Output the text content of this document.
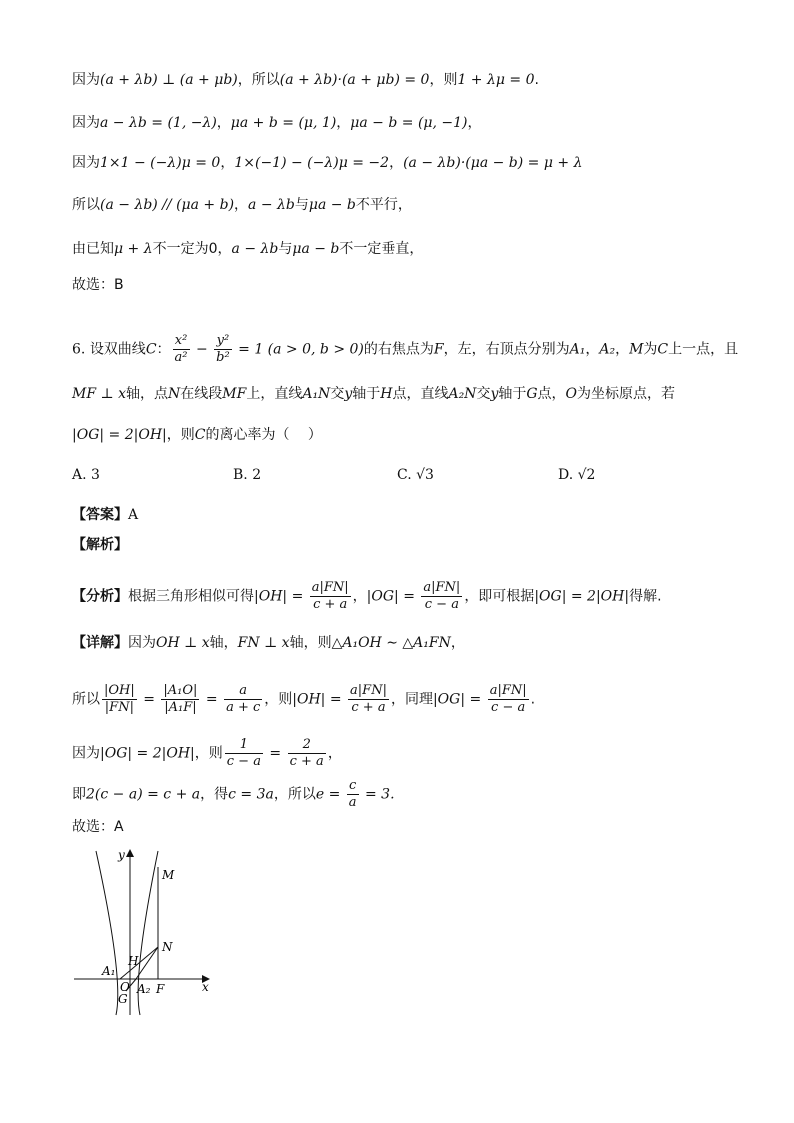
因为(a + λb) ⊥ (a + μb)，所以(a + λb)·(a + μb) = 0，则1 + λμ = 0.
因为a − λb = (1, −λ)，μa + b = (μ, 1)，μa − b = (μ, −1)，
因为1×1 − (−λ)μ = 0，1×(−1) − (−λ)μ = −2，(a − λb)·(μa − b) = μ + λ
所以(a − λb) // (μa + b)，a − λb与μa − b不平行，
由已知μ + λ不一定为0，a − λb与μa − b不一定垂直，
故选：B
6. 设双曲线C： $\frac{\text{x²}}{\text{a²}} - \frac{\text{y²}}{\text{b²}} = 1$ (a > 0, b > 0)的右焦点为F，左，右顶点分别为A₁，A₂，M为C上一点，且
MF ⊥ x轴，点N在线段MF上，直线A₁N交y轴于H点，直线A₂N交y轴于G点，O为坐标原点，若
|OG| = 2|OH|，则C的离心率为（　 ）
A. 3	B. 2	C. √3	D. √2
【答案】A
【解析】
【分析】根据三角形相似可得$|OH| = \frac{a|FN|}{c + a}$ ，$|OG| = \frac{a|FN|}{c - a}$ ，即可根据|OG| = 2|OH|得解.
【详解】因为OH ⊥ x轴，FN ⊥ x轴，则△A₁OH ∼ △A₁FN，
所以 $\frac{|OH|}{|FN|} = \frac{\text{|A₁O|}}{\text{|A₁F|}} = \frac{a}{a + c}$ ，则$|OH| = \frac{a|FN|}{c + a}$ ，同理$|OG| = \frac{a|FN|}{c - a}$ .
因为|OG| = 2|OH|，则 $\frac{1}{c - a} = \frac{2}{c + a}$ ，
即2(c − a) = c + a，得c = 3a，所以$e = \frac{c}{a} = 3$.
故选：A
y
x
M
N
H
A₁
O
G
A₂ F
